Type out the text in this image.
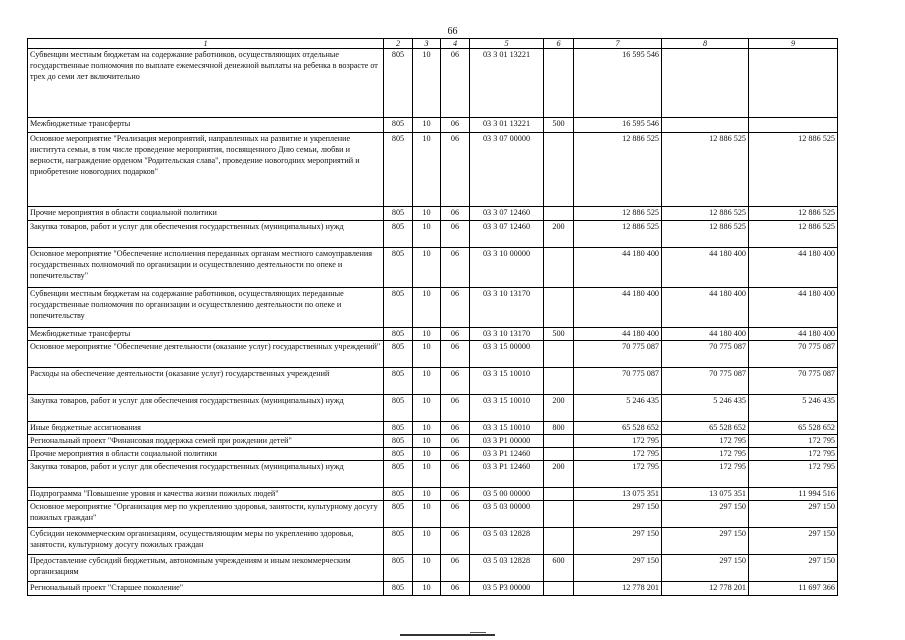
66
1	2	3	4	5	6	7	8	9
Субвенции местным бюджетам на содержание работников, осуществляющих отдельные государственные полномочия по выплате ежемесячной денежной выплаты на ребенка в возрасте от трех до семи лет включительно	805	10	06	03 3 01 13221		16 595 546		
Межбюджетные трансферты	805	10	06	03 3 01 13221	500	16 595 546		
Основное мероприятие "Реализация мероприятий, направленных на развитие и укрепление института семьи, в том числе проведение мероприятия, посвященного Дню семьи, любви и верности, награждение орденом "Родительская слава", проведение новогодних мероприятий и приобретение новогодних подарков"	805	10	06	03 3 07 00000		12 886 525	12 886 525	12 886 525
Прочие мероприятия в области социальной политики	805	10	06	03 3 07 12460		12 886 525	12 886 525	12 886 525
Закупка товаров, работ и услуг для обеспечения государственных (муниципальных) нужд	805	10	06	03 3 07 12460	200	12 886 525	12 886 525	12 886 525
Основное мероприятие "Обеспечение исполнения переданных органам местного самоуправления государственных полномочий по организации и осуществлению деятельности по опеке и попечительству"	805	10	06	03 3 10 00000		44 180 400	44 180 400	44 180 400
Субвенции местным бюджетам на содержание работников, осуществляющих переданные государственные полномочия по организации и осуществлению деятельности по опеке и попечительству	805	10	06	03 3 10 13170		44 180 400	44 180 400	44 180 400
Межбюджетные трансферты	805	10	06	03 3 10 13170	500	44 180 400	44 180 400	44 180 400
Основное мероприятие "Обеспечение деятельности (оказание услуг) государственных учреждений"	805	10	06	03 3 15 00000		70 775 087	70 775 087	70 775 087
Расходы на обеспечение деятельности (оказание услуг) государственных учреждений	805	10	06	03 3 15 10010		70 775 087	70 775 087	70 775 087
Закупка товаров, работ и услуг для обеспечения государственных (муниципальных) нужд	805	10	06	03 3 15 10010	200	5 246 435	5 246 435	5 246 435
Иные бюджетные ассигнования	805	10	06	03 3 15 10010	800	65 528 652	65 528 652	65 528 652
Региональный проект "Финансовая поддержка семей при рождении детей"	805	10	06	03 3 P1 00000		172 795	172 795	172 795
Прочие мероприятия в области социальной политики	805	10	06	03 3 P1 12460		172 795	172 795	172 795
Закупка товаров, работ и услуг для обеспечения государственных (муниципальных) нужд	805	10	06	03 3 P1 12460	200	172 795	172 795	172 795
Подпрограмма "Повышение уровня и качества жизни пожилых людей"	805	10	06	03 5 00 00000		13 075 351	13 075 351	11 994 516
Основное мероприятие "Организация мер по укреплению здоровья, занятости, культурному досугу пожилых граждан"	805	10	06	03 5 03 00000		297 150	297 150	297 150
Субсидии некоммерческим организациям, осуществляющим меры по укреплению здоровья, занятости, культурному досугу пожилых граждан	805	10	06	03 5 03 12828		297 150	297 150	297 150
Предоставление субсидий бюджетным, автономным учреждениям и иным некоммерческим организациям	805	10	06	03 5 03 12828	600	297 150	297 150	297 150
Региональный проект "Старшее поколение"	805	10	06	03 5 P3 00000		12 778 201	12 778 201	11 697 366
